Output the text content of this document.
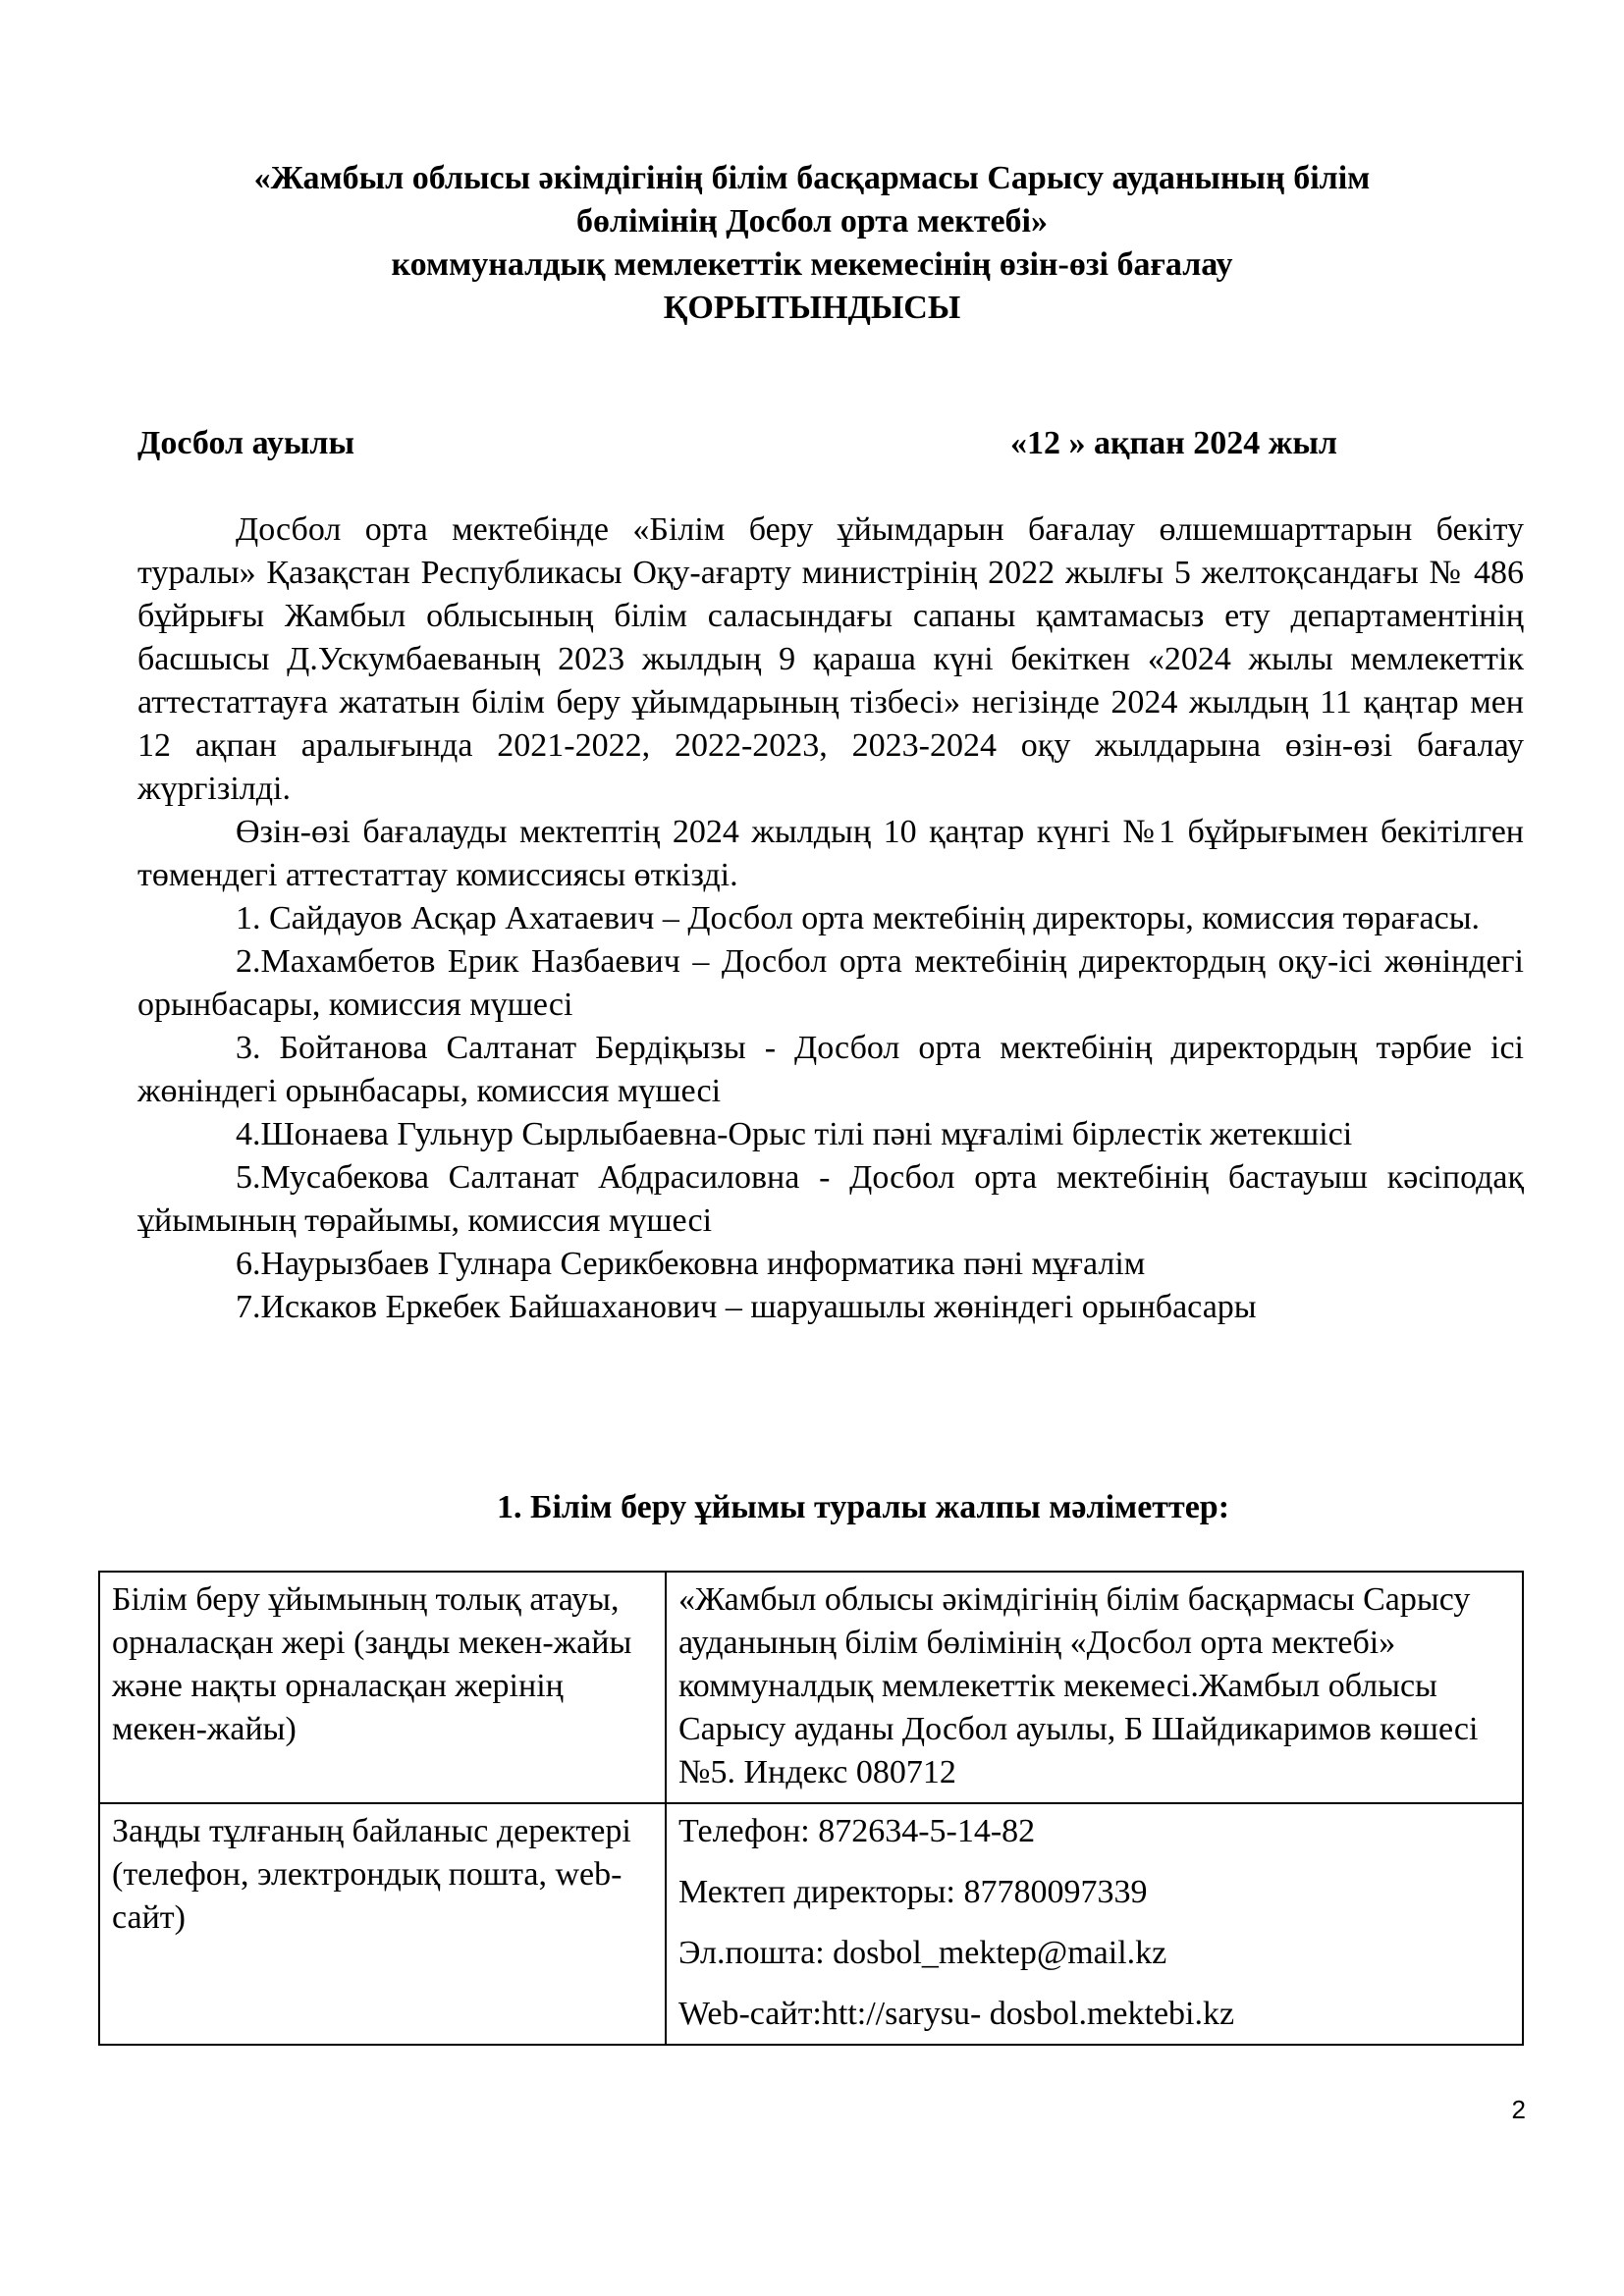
«Жамбыл облысы әкімдігінің білім басқармасы Сарысу ауданының білім

бөлімінің Досбол орта мектебі»

коммуналдық мемлекеттік мекемесінің өзін-өзі бағалау

ҚОРЫТЫНДЫСЫ

Досбол ауылы	«12 » ақпан 2024 жыл

Досбол орта мектебінде «Білім беру ұйымдарын бағалау өлшемшарттарын бекіту туралы» Қазақстан Республикасы Оқу-ағарту министрінің 2022 жылғы 5 желтоқсандағы № 486 бұйрығы Жамбыл облысының білім саласындағы сапаны қамтамасыз ету департаментінің басшысы Д.Ускумбаеваның 2023 жылдың 9 қараша күні бекіткен «2024 жылы мемлекеттік аттестаттауға жататын білім беру ұйымдарының тізбесі» негізінде 2024 жылдың 11 қаңтар мен 12 ақпан аралығында 2021-2022, 2022-2023, 2023-2024 оқу жылдарына өзін-өзі бағалау жүргізілді.

Өзін-өзі бағалауды мектептің 2024 жылдың 10 қаңтар күнгі №1 бұйрығымен бекітілген төмендегі аттестаттау комиссиясы өткізді.

1. Сайдауов Асқар Ахатаевич – Досбол орта мектебінің директоры, комиссия төрағасы.

2.Махамбетов Ерик Назбаевич – Досбол орта мектебінің директордың оқу-ісі жөніндегі орынбасары, комиссия мүшесі

3. Бойтанова Салтанат Бердіқызы - Досбол орта мектебінің директордың тәрбие ісі жөніндегі орынбасары, комиссия мүшесі

4.Шонаева Гульнур Сырлыбаевна-Орыс тілі пәні мұғалімі бірлестік жетекшісі

5.Мусабекова Салтанат Абдрасиловна - Досбол орта мектебінің бастауыш кәсіподақ ұйымының төрайымы, комиссия мүшесі

6.Наурызбаев Гулнара Серикбековна информатика пәні мұғалім

7.Искаков Еркебек Байшаханович – шаруашылы жөніндегі орынбасары

1. Білім беру ұйымы туралы жалпы мәліметтер:
Білім беру ұйымының толық атауы, орналасқан жері (заңды мекен-жайы және нақты орналасқан жерінің мекен-жайы)	«Жамбыл облысы әкімдігінің білім басқармасы Сарысу ауданының білім бөлімінің «Досбол орта мектебі» коммуналдық мемлекеттік мекемесі.Жамбыл облысы Сарысу ауданы Досбол ауылы, Б Шайдикаримов көшесі №5. Индекс 080712
Заңды тұлғаның байланыс деректері (телефон, электрондық пошта, web-сайт)	Телефон: 872634-5-14-82

Мектеп директоры: 87780097339

Эл.пошта: dosbol_mektep@mail.kz

Web-сайт:htt://sarysu- dosbol.mektebi.kz

2
